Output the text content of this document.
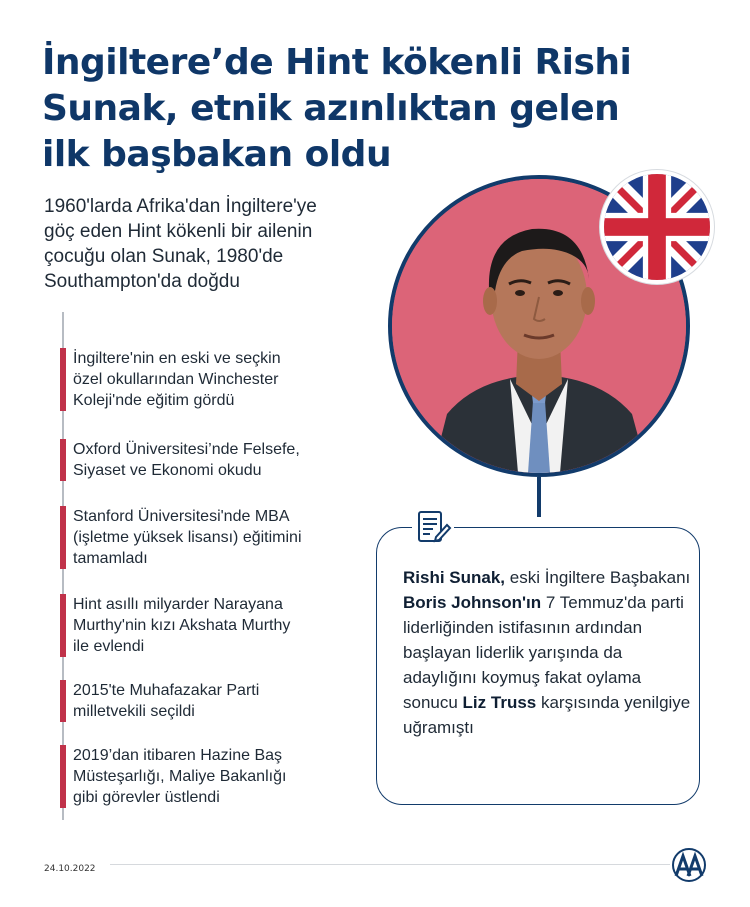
İngiltere’de Hint kökenli Rishi
Sunak, etnik azınlıktan gelen
ilk başbakan oldu
1960'larda Afrika'dan İngiltere'ye
göç eden Hint kökenli bir ailenin
çocuğu olan Sunak, 1980'de
Southampton'da doğdu
İngiltere'nin en eski ve seçkin
özel okullarından Winchester
Koleji'nde eğitim gördü
Oxford Üniversitesi’nde Felsefe,
Siyaset ve Ekonomi okudu
Stanford Üniversitesi'nde MBA
(işletme yüksek lisansı) eğitimini
tamamladı
Hint asıllı milyarder Narayana
Murthy'nin kızı Akshata Murthy
ile evlendi
2015'te Muhafazakar Parti
milletvekili seçildi
2019’dan itibaren Hazine Baş
Müsteşarlığı, Maliye Bakanlığı
gibi görevler üstlendi
Rishi Sunak, eski İngiltere Başbakanı Boris Johnson'ın 7 Temmuz'da parti liderliğinden istifasının ardından başlayan liderlik yarışında da adaylığını koymuş fakat oylama sonucu Liz Truss karşısında yenilgiye uğramıştı
24.10.2022
